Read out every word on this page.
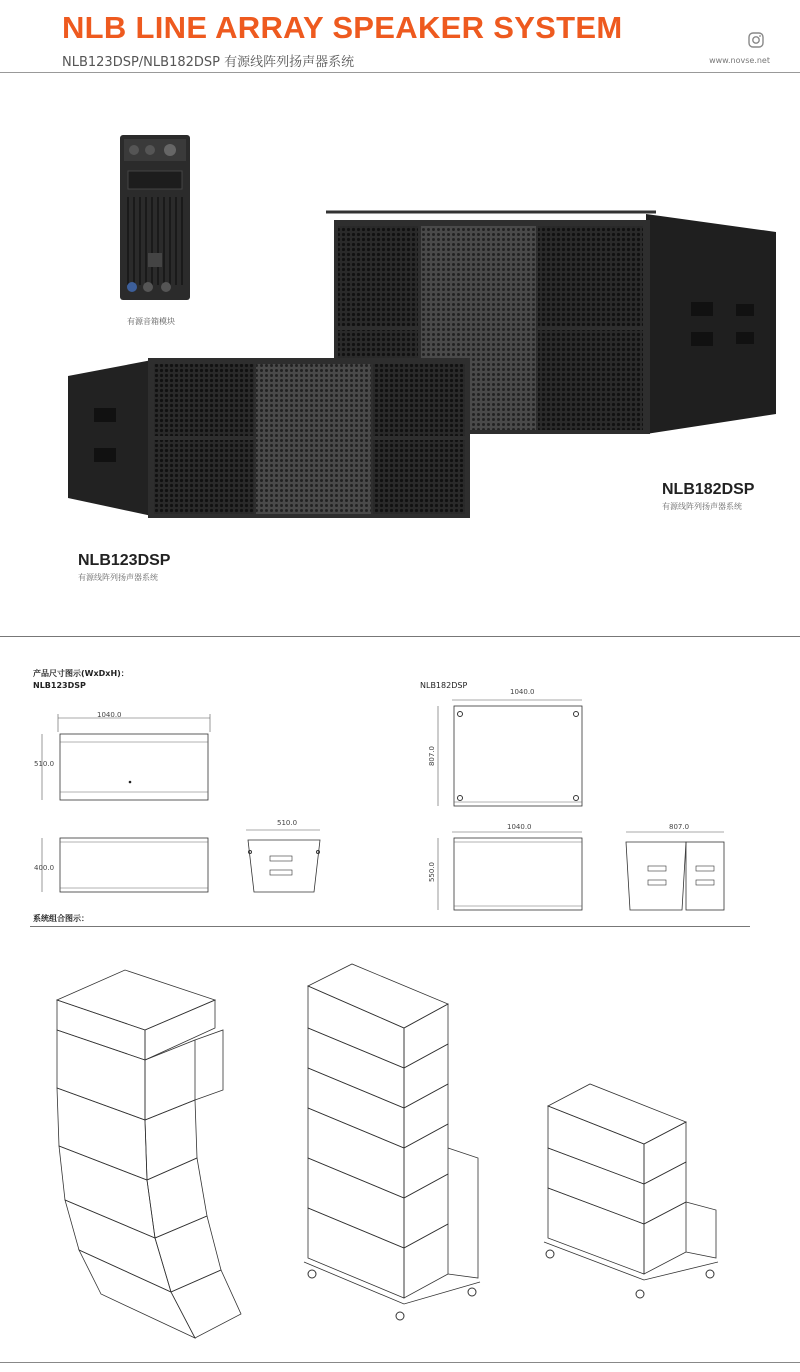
NLB LINE ARRAY SPEAKER SYSTEM
NLB123DSP/NLB182DSP 有源线阵列扬声器系统	www.novse.net
有源音箱模块
NLB182DSP
有源线阵列扬声器系统
NLB123DSP
有源线阵列扬声器系统
产品尺寸图示(WxDxH)：
NLB123DSP	NLB182DSP
1040.0
510.0
400.0
510.0
1040.0
807.0
1040.0
550.0
807.0
系统组合图示：
